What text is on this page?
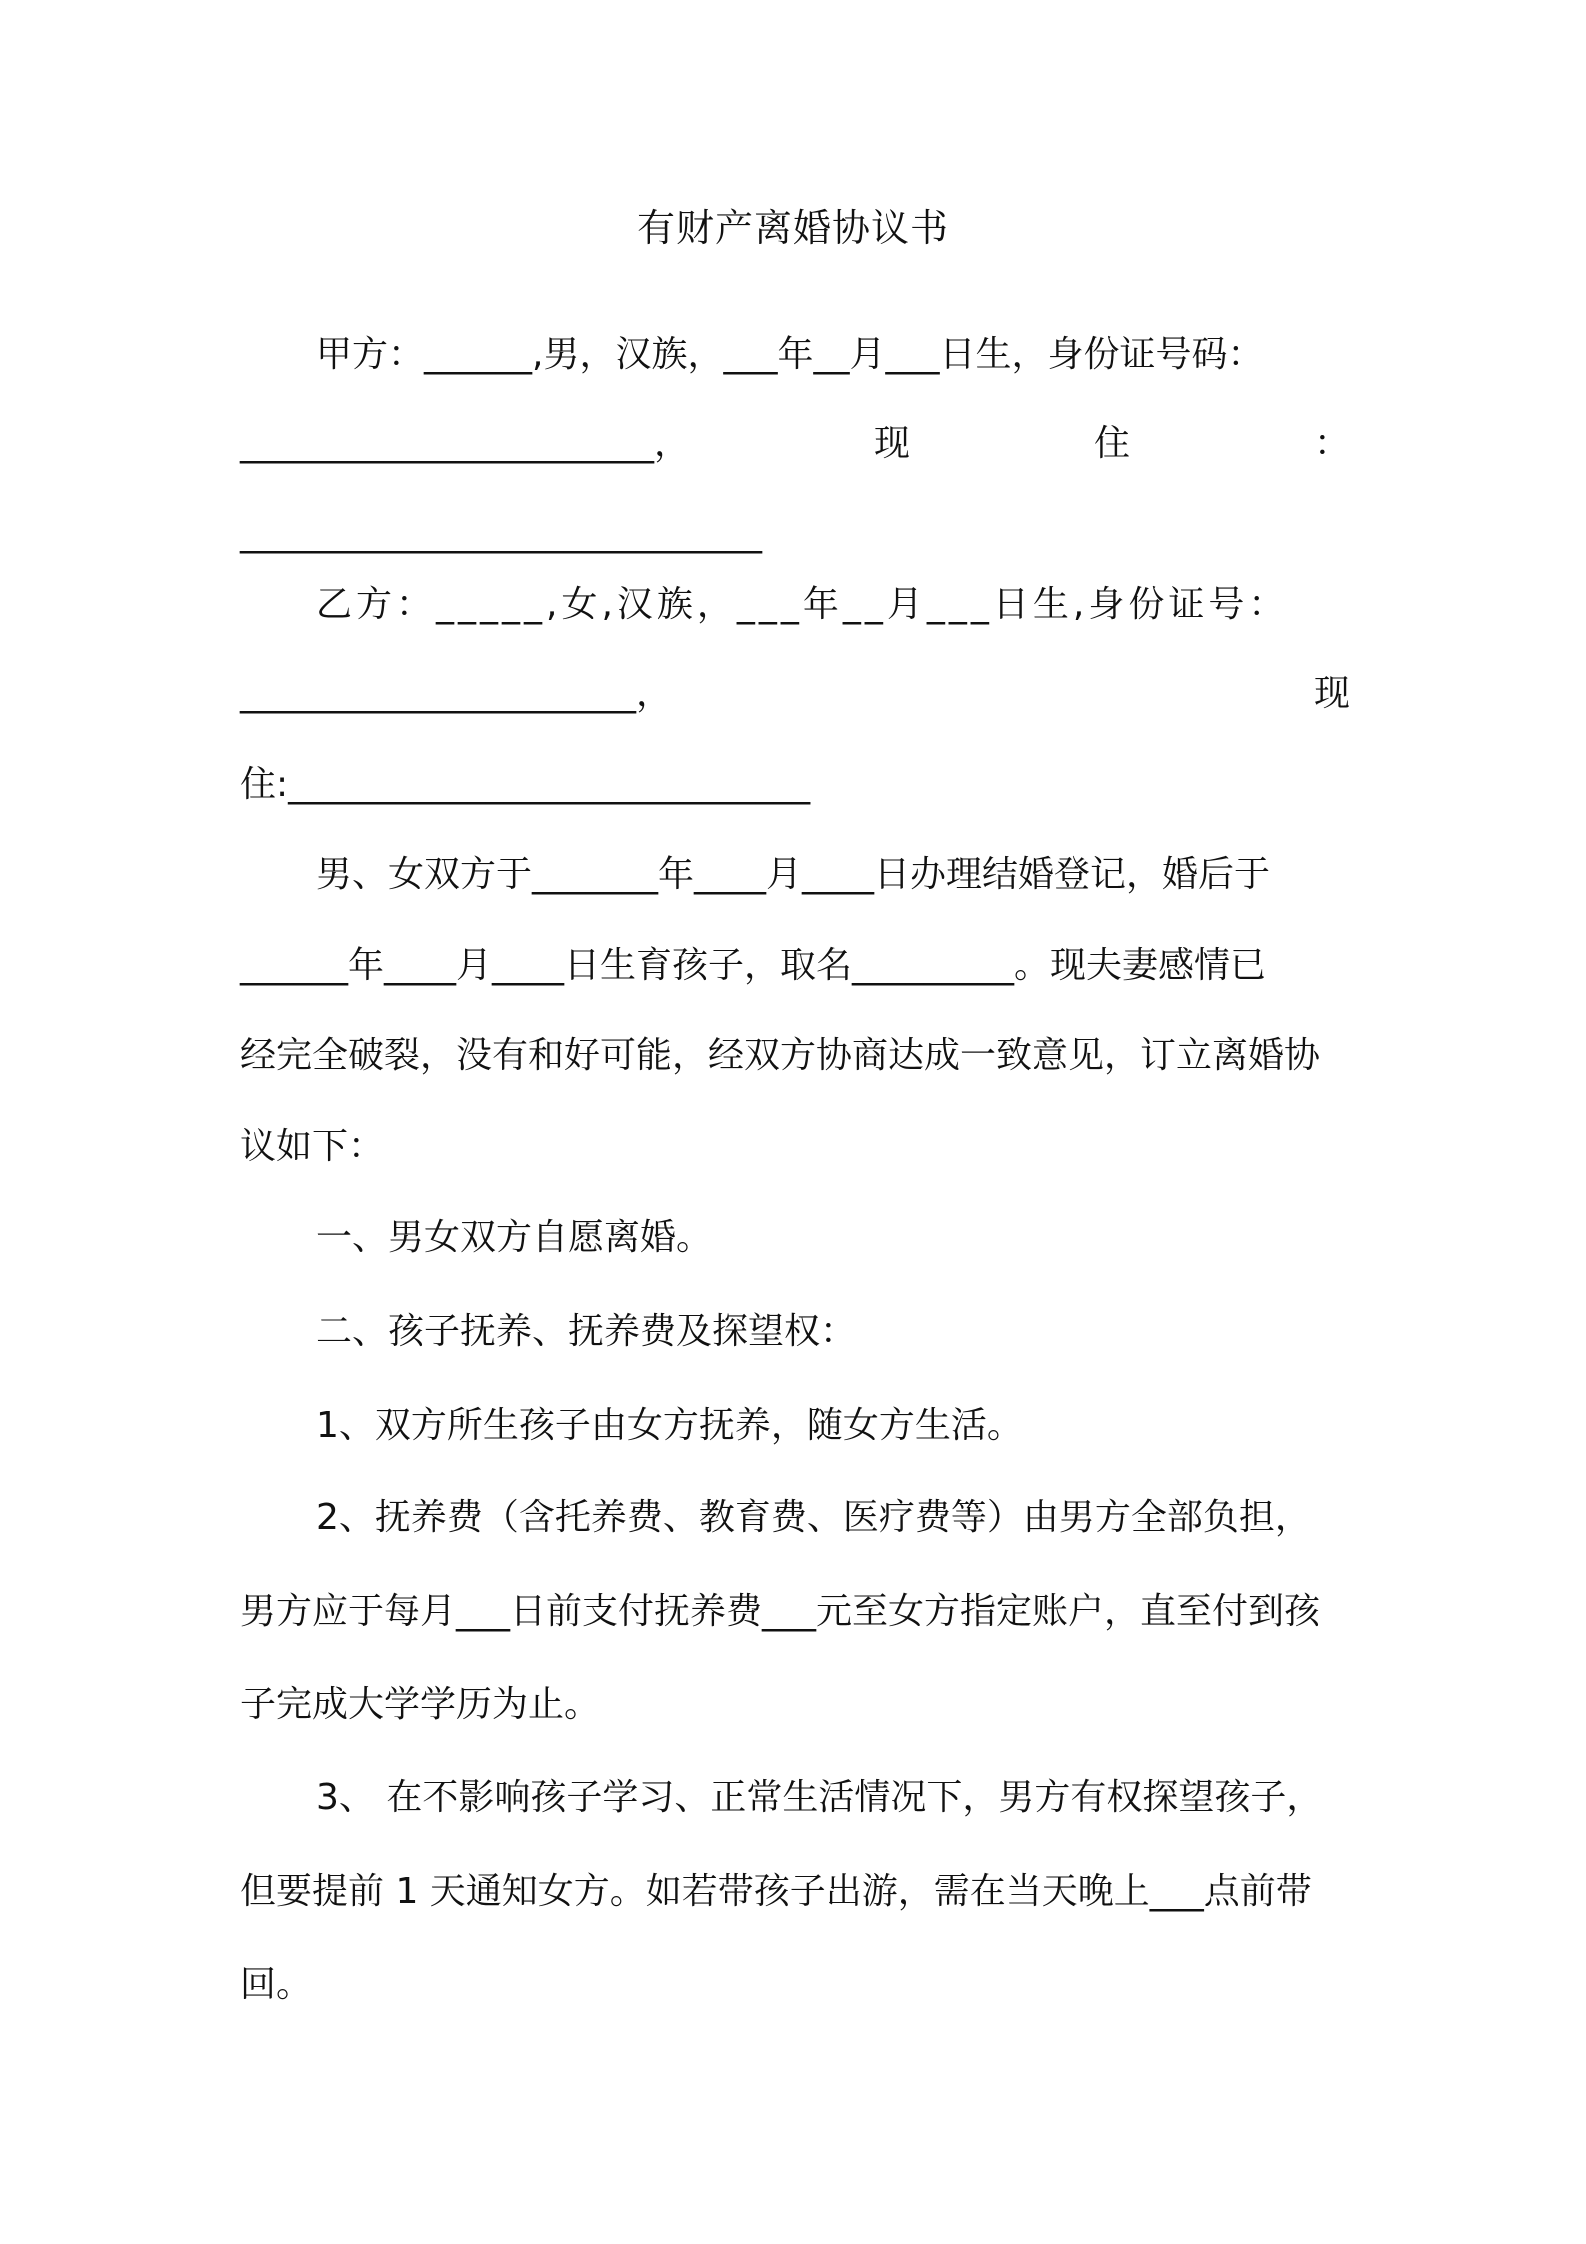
有财产离婚协议书
甲方：______,男，汉族，___年__月___日生，身份证号码：
_______________________，	现	住	：
_____________________________
乙方：_____,女,汉族，___年__月___日生,身份证号：
______________________，	现
住:_____________________________
男、女双方于_______年____月____日办理结婚登记，婚后于
______年____月____日生育孩子，取名_________。现夫妻感情已
经完全破裂，没有和好可能，经双方协商达成一致意见，订立离婚协
议如下：
一、男女双方自愿离婚。
二、孩子抚养、抚养费及探望权：
1、双方所生孩子由女方抚养，随女方生活。
2、抚养费（含托养费、教育费、医疗费等）由男方全部负担，
男方应于每月___日前支付抚养费___元至女方指定账户，直至付到孩
子完成大学学历为止。
3、 在不影响孩子学习、正常生活情况下，男方有权探望孩子，
但要提前 1 天通知女方。如若带孩子出游，需在当天晚上___点前带
回。
